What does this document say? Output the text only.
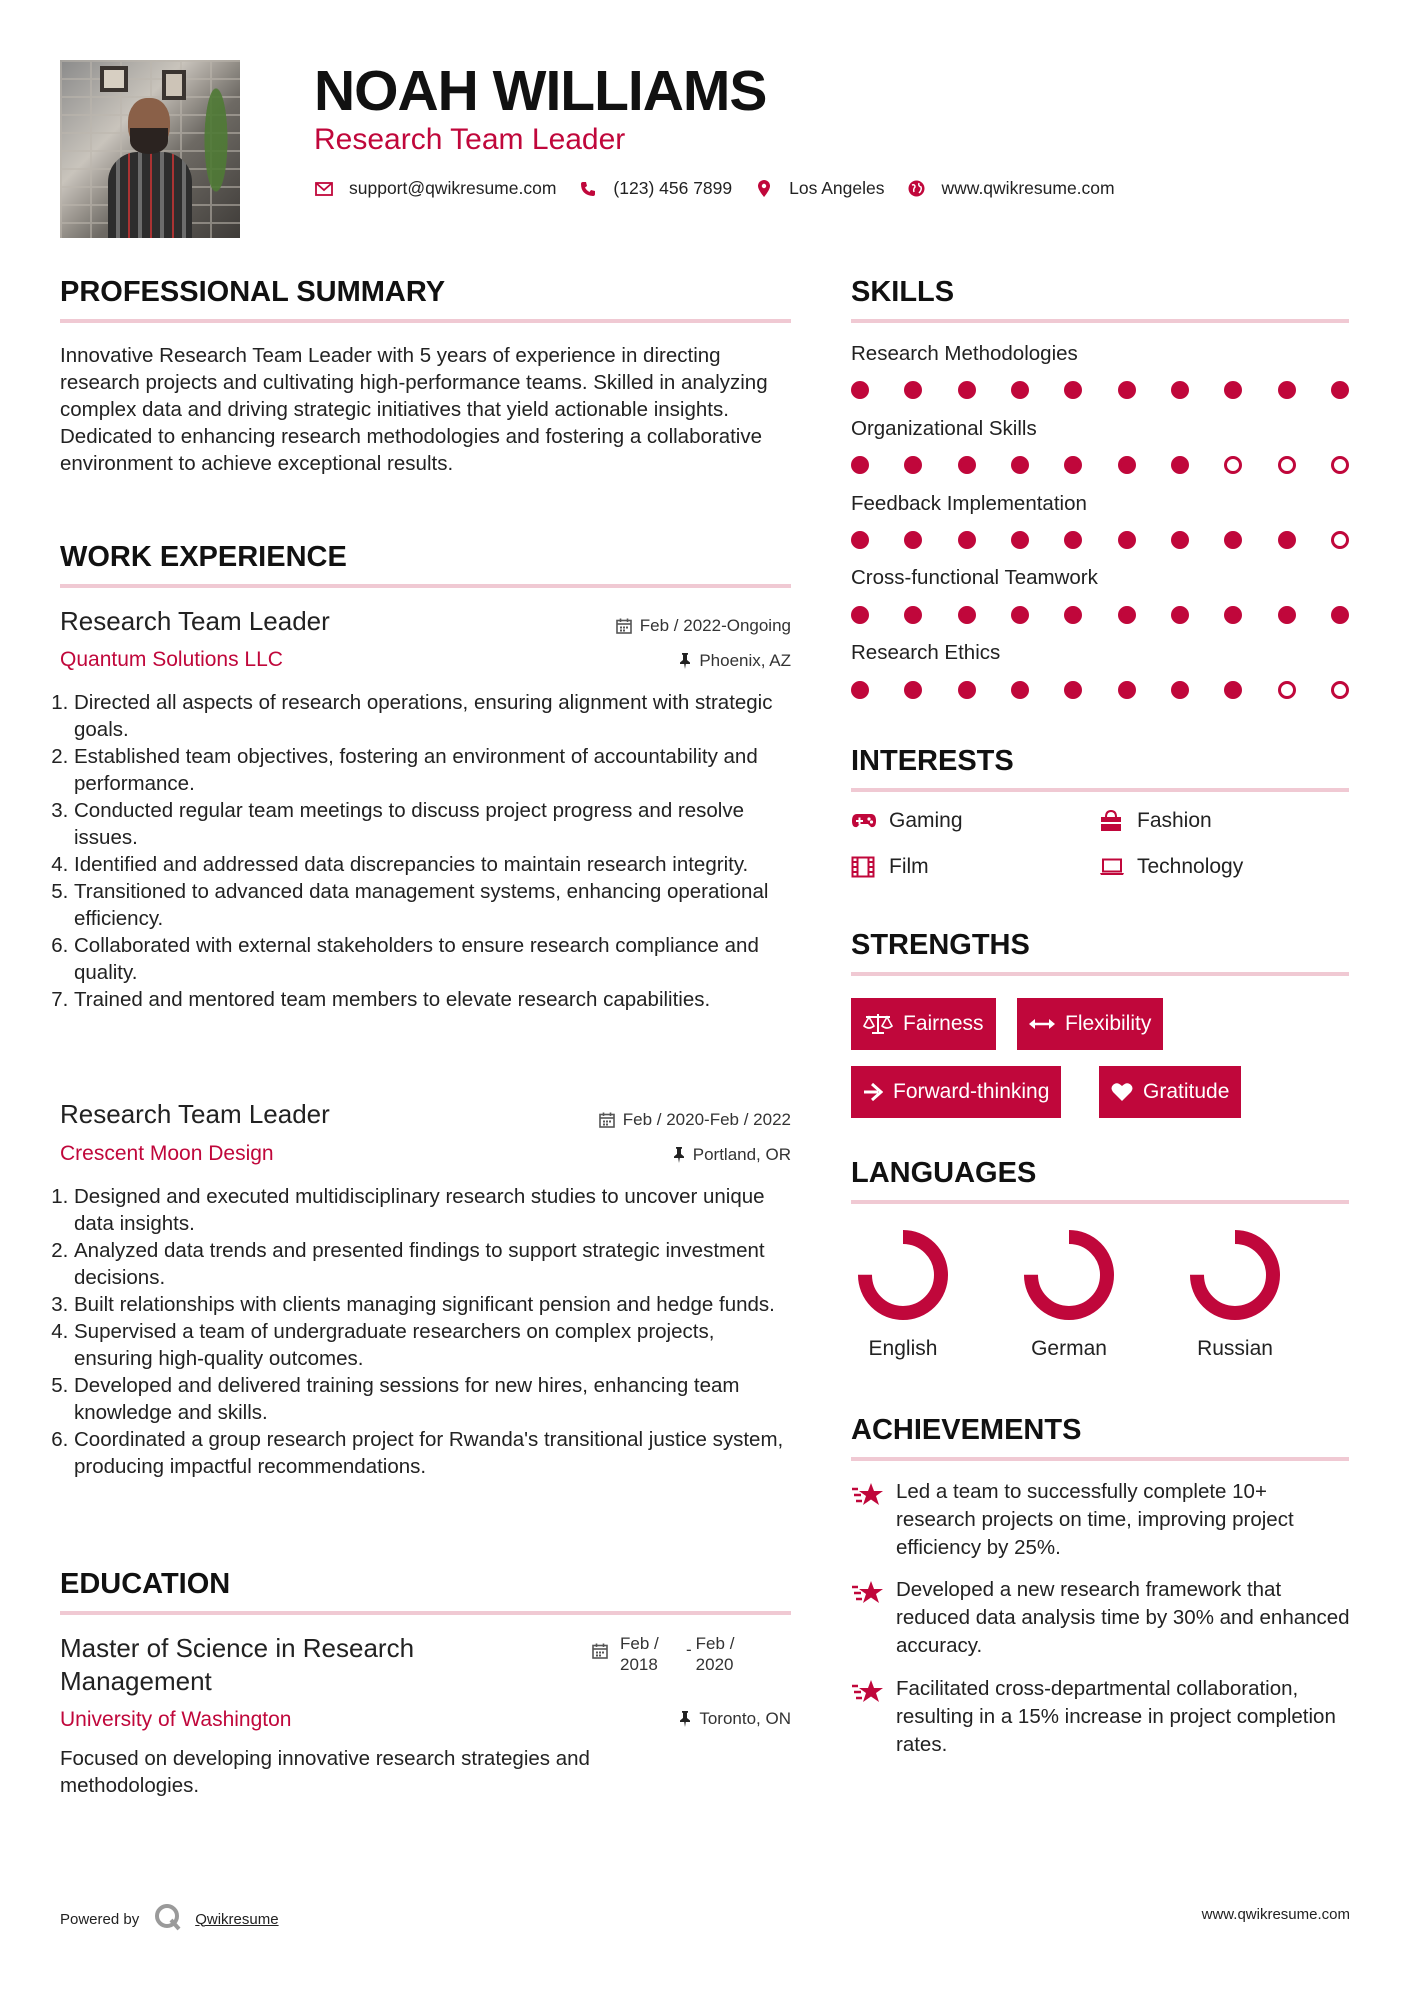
NOAH WILLIAMS
Research Team Leader
support@qwikresume.com	(123) 456 7899	Los Angeles	www.qwikresume.com
PROFESSIONAL SUMMARY
Innovative Research Team Leader with 5 years of experience in directing research projects and cultivating high-performance teams. Skilled in analyzing complex data and driving strategic initiatives that yield actionable insights. Dedicated to enhancing research methodologies and fostering a collaborative environment to achieve exceptional results.
WORK EXPERIENCE
Research Team Leader	Feb / 2022-Ongoing
Quantum Solutions LLC	Phoenix, AZ
1. Directed all aspects of research operations, ensuring alignment with strategic goals.
2. Established team objectives, fostering an environment of accountability and performance.
3. Conducted regular team meetings to discuss project progress and resolve issues.
4. Identified and addressed data discrepancies to maintain research integrity.
5. Transitioned to advanced data management systems, enhancing operational efficiency.
6. Collaborated with external stakeholders to ensure research compliance and quality.
7. Trained and mentored team members to elevate research capabilities.
Research Team Leader	Feb / 2020-Feb / 2022
Crescent Moon Design	Portland, OR
1. Designed and executed multidisciplinary research studies to uncover unique data insights.
2. Analyzed data trends and presented findings to support strategic investment decisions.
3. Built relationships with clients managing significant pension and hedge funds.
4. Supervised a team of undergraduate researchers on complex projects, ensuring high-quality outcomes.
5. Developed and delivered training sessions for new hires, enhancing team knowledge and skills.
6. Coordinated a group research project for Rwanda's transitional justice system, producing impactful recommendations.
EDUCATION
Master of Science in Research Management
Feb / 2018
- Feb / 2020
University of Washington	Toronto, ON
Focused on developing innovative research strategies and methodologies.
SKILLS
Research Methodologies
Organizational Skills
Feedback Implementation
Cross-functional Teamwork
Research Ethics
INTERESTS
Gaming	Fashion
Film	Technology
STRENGTHS
Fairness	Flexibility
Forward-thinking	Gratitude
LANGUAGES
English	German	Russian
ACHIEVEMENTS
Led a team to successfully complete 10+ research projects on time, improving project efficiency by 25%.
Developed a new research framework that reduced data analysis time by 30% and enhanced accuracy.
Facilitated cross-departmental collaboration, resulting in a 15% increase in project completion rates.
Powered by	Qwikresume	www.qwikresume.com
